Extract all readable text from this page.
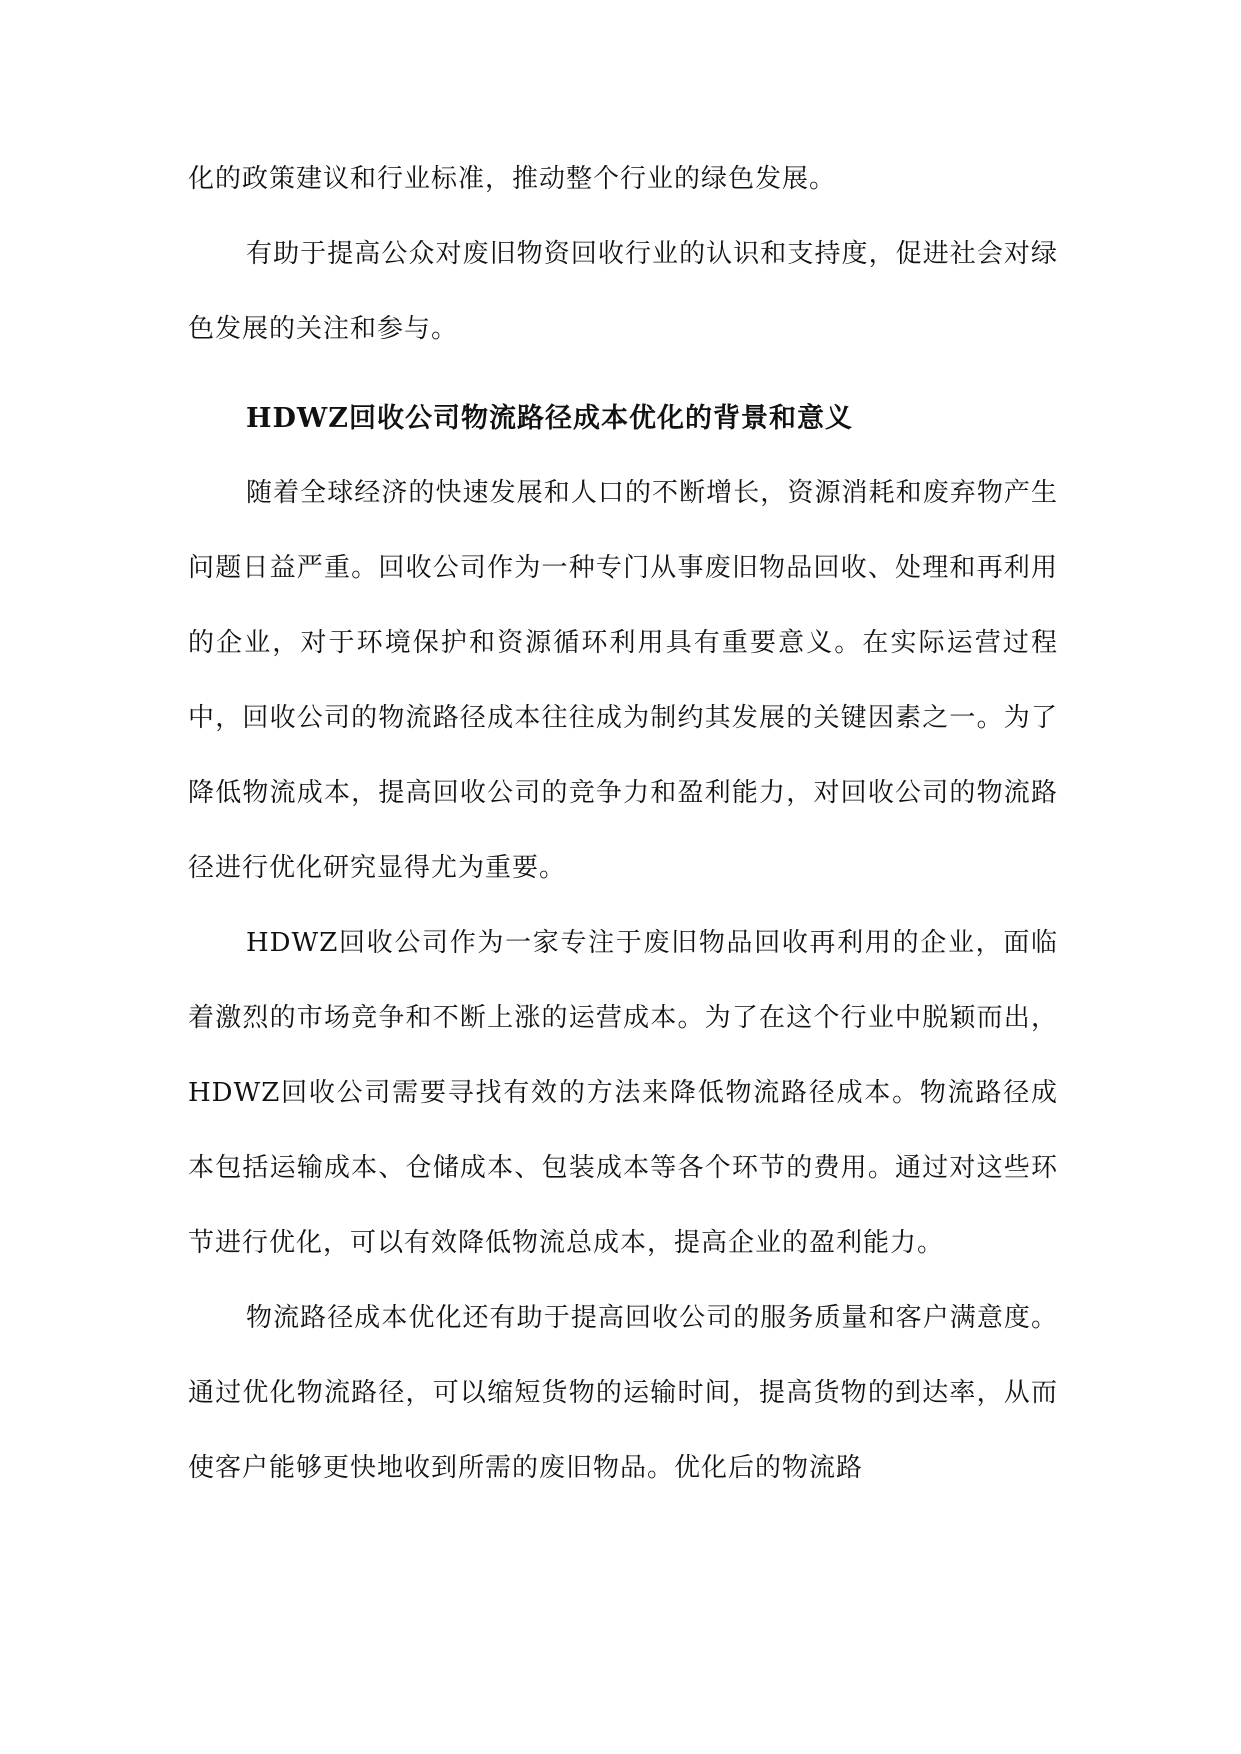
化的政策建议和行业标准，推动整个行业的绿色发展。

有助于提高公众对废旧物资回收行业的认识和支持度，促进社会对绿色发展的关注和参与。

HDWZ回收公司物流路径成本优化的背景和意义

随着全球经济的快速发展和人口的不断增长，资源消耗和废弃物产生问题日益严重。回收公司作为一种专门从事废旧物品回收、处理和再利用的企业，对于环境保护和资源循环利用具有重要意义。在实际运营过程中，回收公司的物流路径成本往往成为制约其发展的关键因素之一。为了降低物流成本，提高回收公司的竞争力和盈利能力，对回收公司的物流路径进行优化研究显得尤为重要。

HDWZ回收公司作为一家专注于废旧物品回收再利用的企业，面临着激烈的市场竞争和不断上涨的运营成本。为了在这个行业中脱颖而出，HDWZ回收公司需要寻找有效的方法来降低物流路径成本。物流路径成本包括运输成本、仓储成本、包装成本等各个环节的费用。通过对这些环节进行优化，可以有效降低物流总成本，提高企业的盈利能力。

物流路径成本优化还有助于提高回收公司的服务质量和客户满意度。通过优化物流路径，可以缩短货物的运输时间，提高货物的到达率，从而使客户能够更快地收到所需的废旧物品。优化后的物流路
